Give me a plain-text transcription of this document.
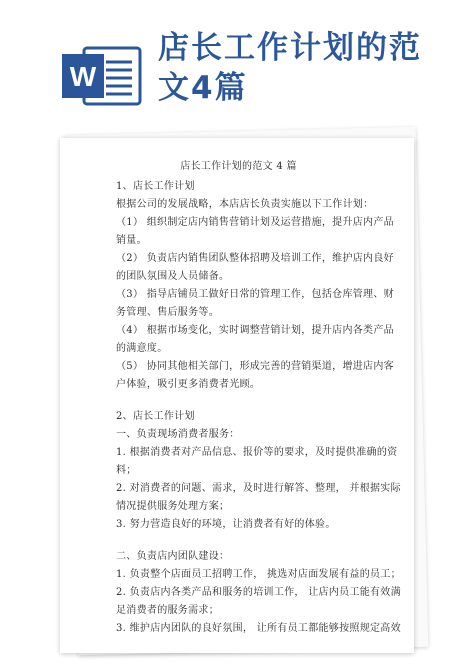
W
店长工作计划的范
文4篇
店长工作计划的范文 4 篇
1、店长工作计划
根据公司的发展战略，本店店长负责实施以下工作计划：
（1） 组织制定店内销售营销计划及运营措施，提升店内产品
销量。
（2） 负责店内销售团队整体招聘及培训工作，维护店内良好
的团队氛围及人员储备。
（3） 指导店铺员工做好日常的管理工作，包括仓库管理、财
务管理、售后服务等。
（4） 根据市场变化，实时调整营销计划，提升店内各类产品
的满意度。
（5） 协同其他相关部门，形成完善的营销渠道，增进店内客
户体验，吸引更多消费者光顾。
2、店长工作计划
一、负责现场消费者服务：
1. 根据消费者对产品信息、报价等的要求，及时提供准确的资
料；
2. 对消费者的问题、需求，及时进行解答、整理， 并根据实际
情况提供服务处理方案；
3. 努力营造良好的环境，让消费者有好的体验。
二、负责店内团队建设：
1. 负责整个店面员工招聘工作， 挑选对店面发展有益的员工；
2. 负责店内各类产品和服务的培训工作， 让店内员工能有效满
足消费者的服务需求；
3. 维护店内团队的良好氛围， 让所有员工都能够按照规定高效
